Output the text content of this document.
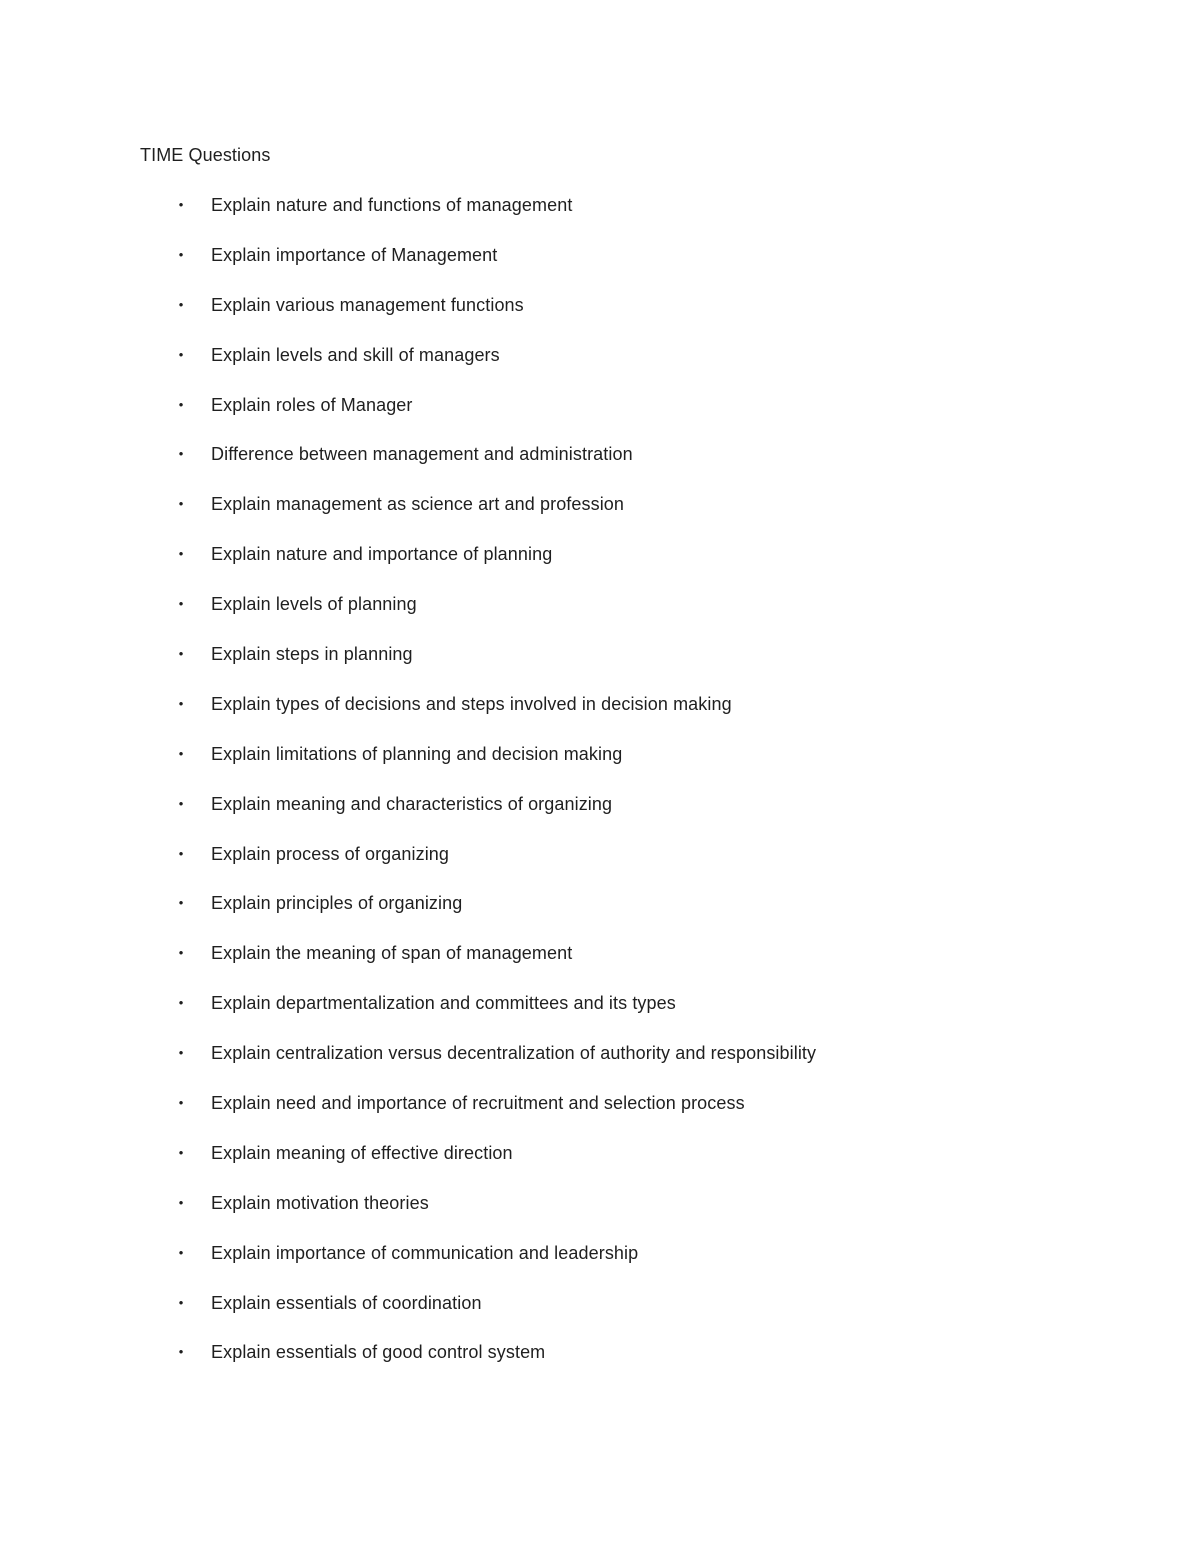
TIME Questions
• Explain nature and functions of management
• Explain importance of Management
• Explain various management functions
• Explain levels and skill of managers
• Explain roles of Manager
• Difference between management and administration
• Explain management as science art and profession
• Explain nature and importance of planning
• Explain levels of planning
• Explain steps in planning
• Explain types of decisions and steps involved in decision making
• Explain limitations of planning and decision making
• Explain meaning and characteristics of organizing
• Explain process of organizing
• Explain principles of organizing
• Explain the meaning of span of management
• Explain departmentalization and committees and its types
• Explain centralization versus decentralization of authority and responsibility
• Explain need and importance of recruitment and selection process
• Explain meaning of effective direction
• Explain motivation theories
• Explain importance of communication and leadership
• Explain essentials of coordination
• Explain essentials of good control system
